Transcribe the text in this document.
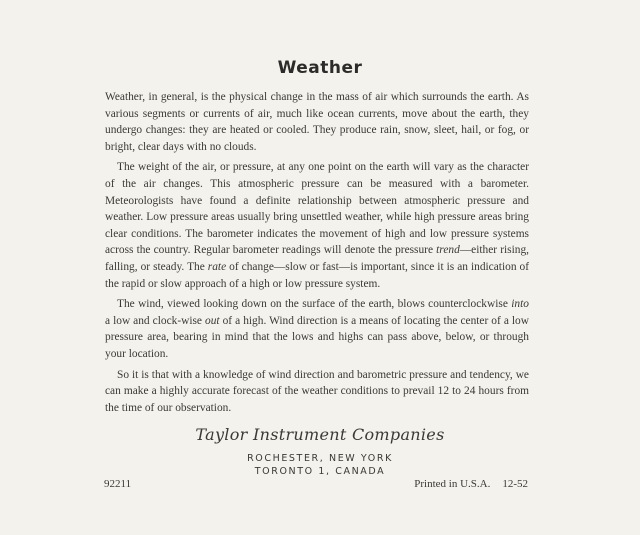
Weather

Weather, in general, is the physical change in the mass of air which surrounds the earth. As various segments or currents of air, much like ocean currents, move about the earth, they undergo changes: they are heated or cooled. They produce rain, snow, sleet, hail, or fog, or bright, clear days with no clouds.

The weight of the air, or pressure, at any one point on the earth will vary as the character of the air changes. This atmospheric pressure can be measured with a barometer. Meteorologists have found a definite relationship between atmospheric pressure and weather. Low pressure areas usually bring unsettled weather, while high pressure areas bring clear conditions. The barometer indicates the movement of high and low pressure systems across the country. Regular barometer readings will denote the pressure trend—either rising, falling, or steady. The rate of change—slow or fast—is important, since it is an indication of the rapid or slow approach of a high or low pressure system.

The wind, viewed looking down on the surface of the earth, blows counterclockwise into a low and clock-wise out of a high. Wind direction is a means of locating the center of a low pressure area, bearing in mind that the lows and highs can pass above, below, or through your location.

So it is that with a knowledge of wind direction and barometric pressure and tendency, we can make a highly accurate forecast of the weather conditions to prevail 12 to 24 hours from the time of our observation.

Taylor Instrument Companies
ROCHESTER, NEW YORK
TORONTO 1, CANADA
92211	Printed in U.S.A. 12-52
